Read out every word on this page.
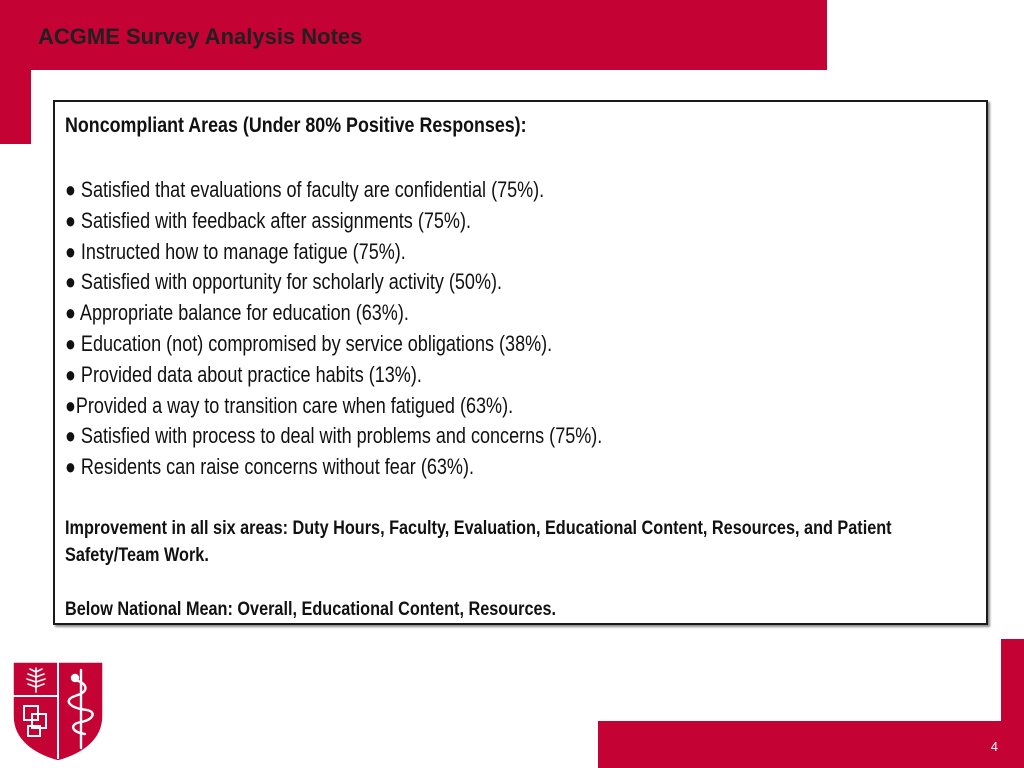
ACGME Survey Analysis Notes

Noncompliant Areas (Under 80% Positive Responses):

● Satisfied that evaluations of faculty are confidential (75%).
● Satisfied with feedback after assignments (75%).
● Instructed how to manage fatigue (75%).
● Satisfied with opportunity for scholarly activity (50%).
● Appropriate balance for education (63%).
● Education (not) compromised by service obligations (38%).
● Provided data about practice habits (13%).
●Provided a way to transition care when fatigued (63%).
● Satisfied with process to deal with problems and concerns (75%).
● Residents can raise concerns without fear (63%).

Improvement in all six areas: Duty Hours, Faculty, Evaluation, Educational Content, Resources, and Patient Safety/Team Work.

Below National Mean: Overall, Educational Content, Resources.

4
